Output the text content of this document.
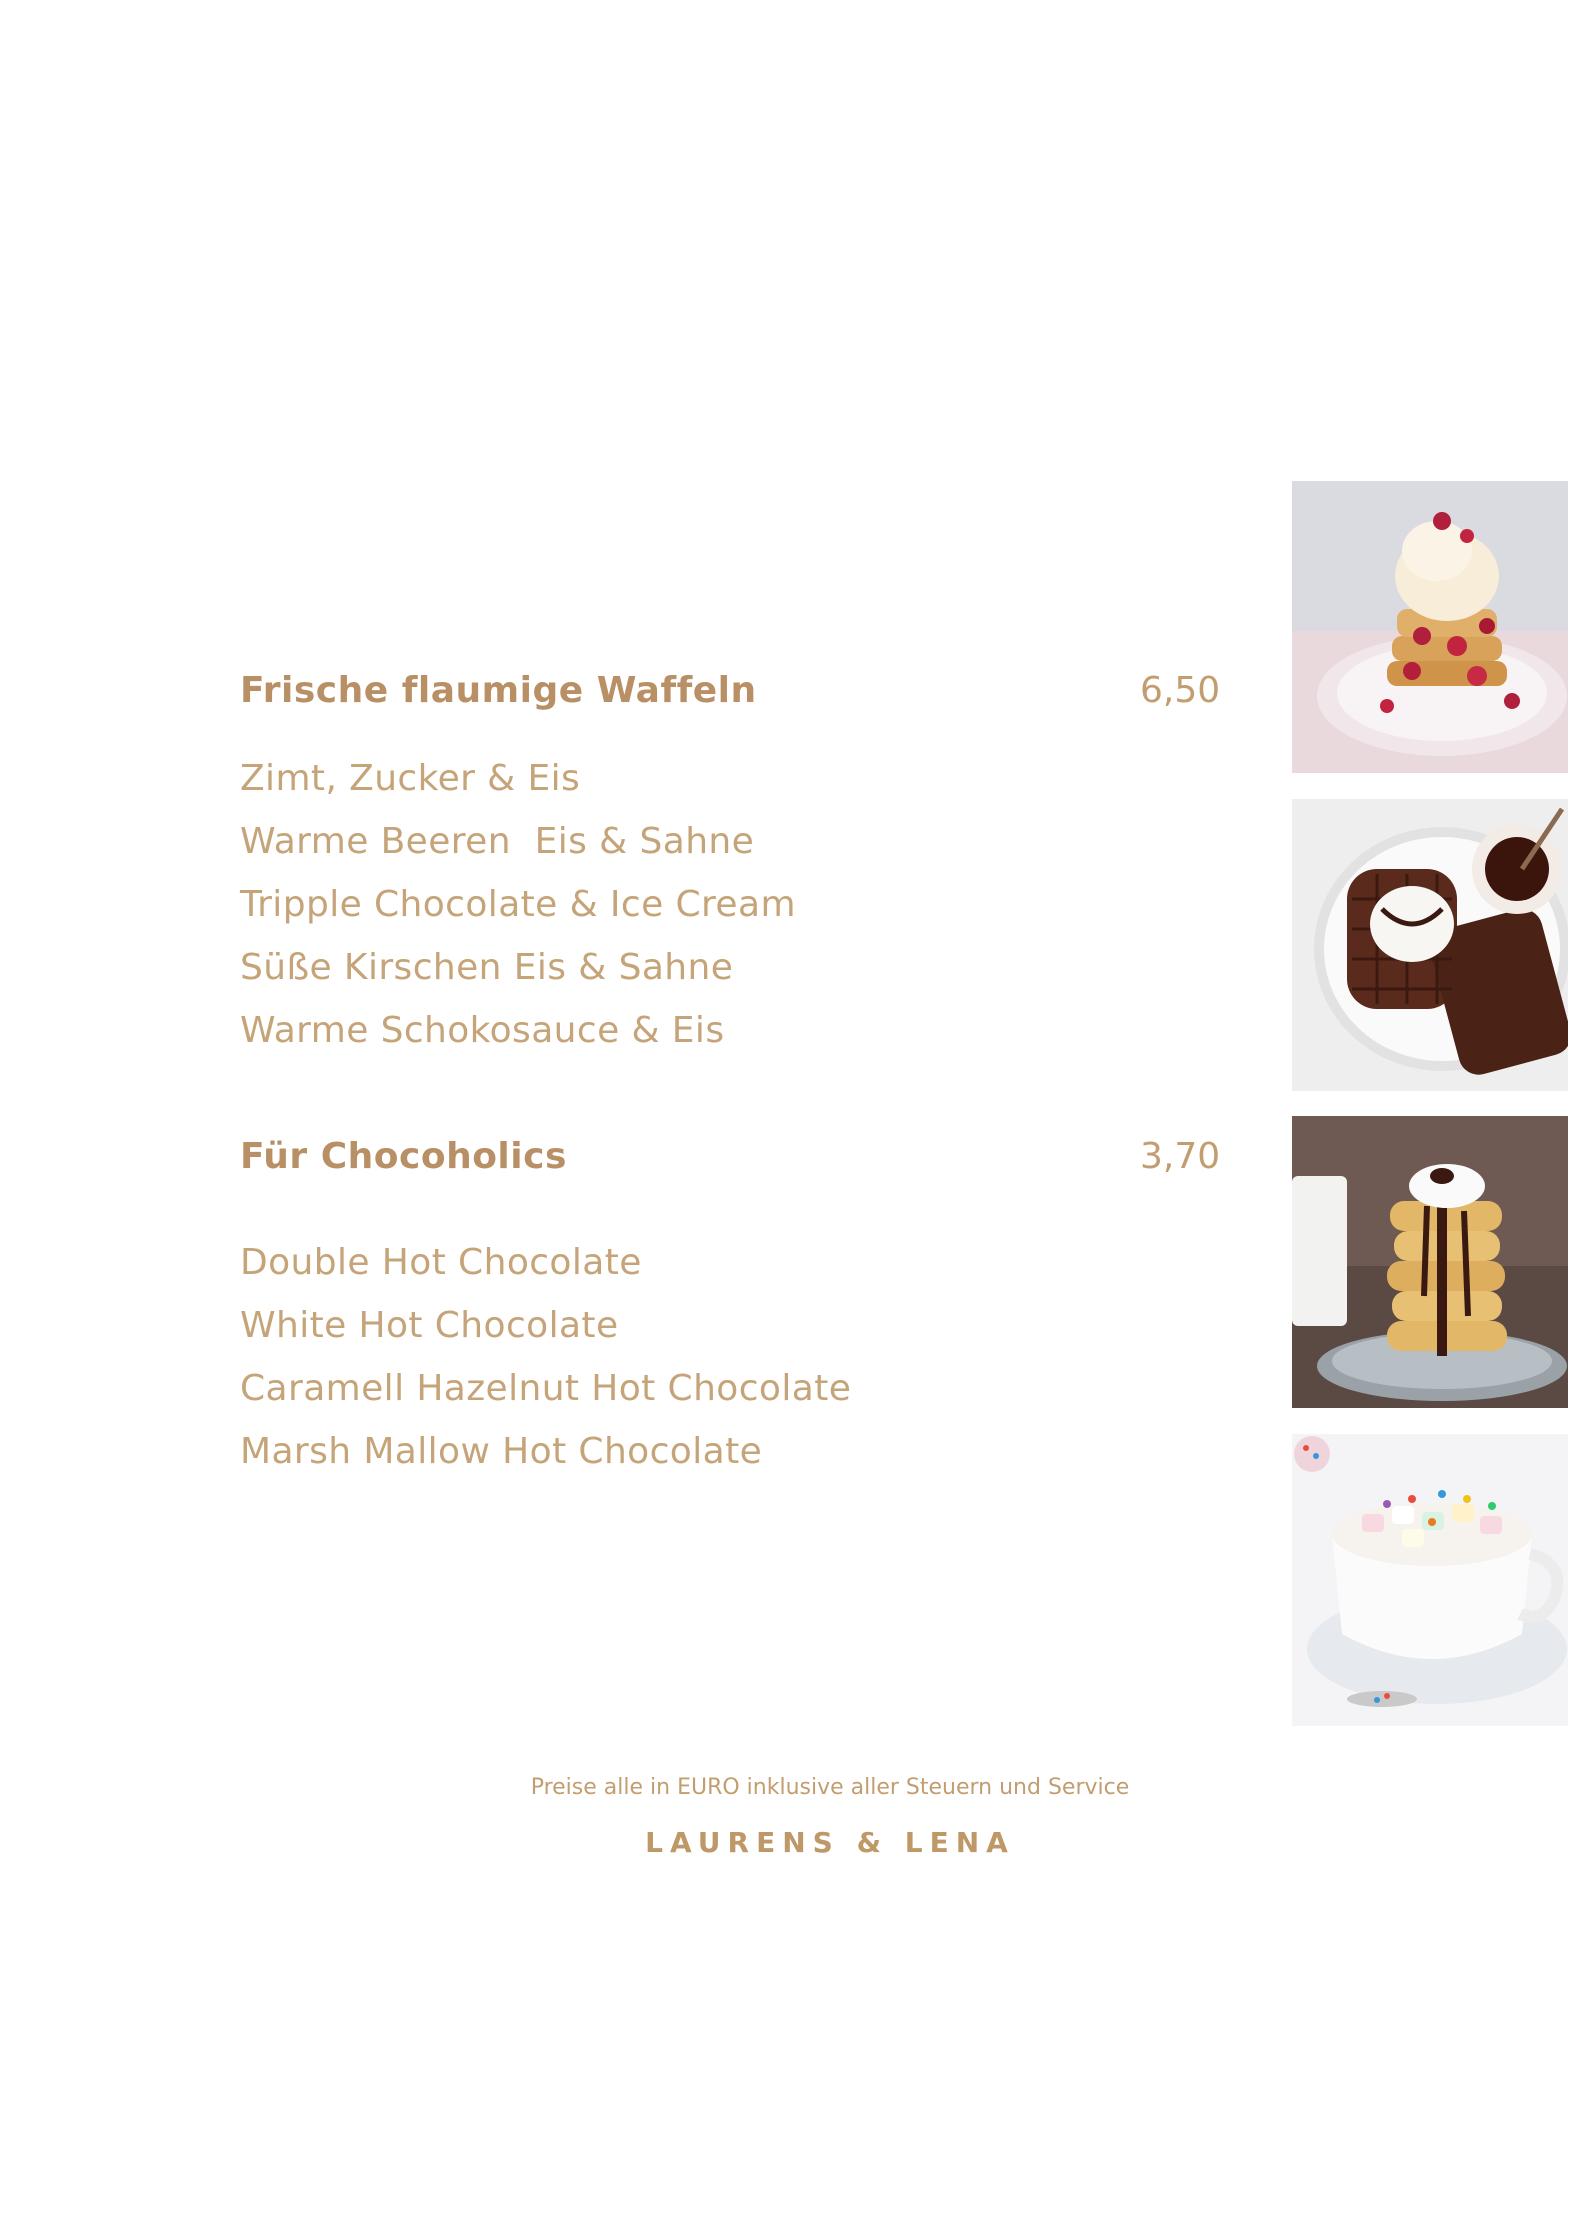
Frische flaumige Waffeln	6,50
Zimt, Zucker & Eis
Warme Beeren  Eis & Sahne
Tripple Chocolate & Ice Cream
Süße Kirschen Eis & Sahne
Warme Schokosauce & Eis
Für Chocoholics	3,70
Double Hot Chocolate
White Hot Chocolate
Caramell Hazelnut Hot Chocolate
Marsh Mallow Hot Chocolate
Preise alle in EURO inklusive aller Steuern und Service
LAURENS & LENA
